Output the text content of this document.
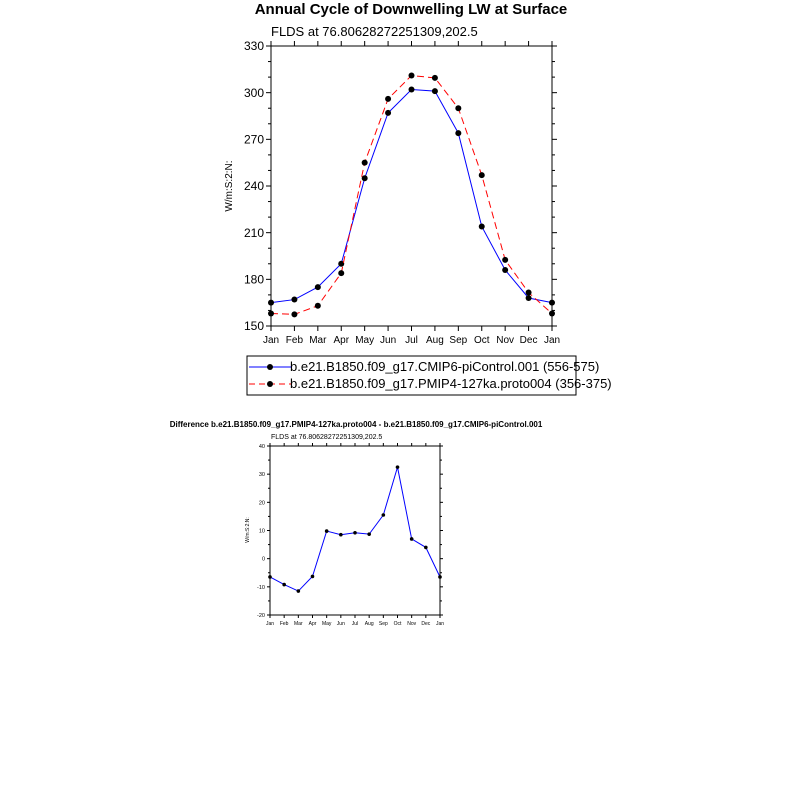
Annual Cycle of Downwelling LW at Surface
FLDS at 76.80628272251309,202.5
W/m:S:2:N:
150
180
210
240
270
300
330
Jan Feb Mar Apr May Jun Jul Aug Sep Oct Nov Dec Jan
b.e21.B1850.f09_g17.CMIP6-piControl.001 (556-575)
b.e21.B1850.f09_g17.PMIP4-127ka.proto004 (356-375)
Difference b.e21.B1850.f09_g17.PMIP4-127ka.proto004 - b.e21.B1850.f09_g17.CMIP6-piControl.001
FLDS at 76.80628272251309,202.5
W/m:S:2:N:
-20
-10
0
10
20
30
40
Jan Feb Mar Apr May Jun Jul Aug Sep Oct Nov Dec Jan
